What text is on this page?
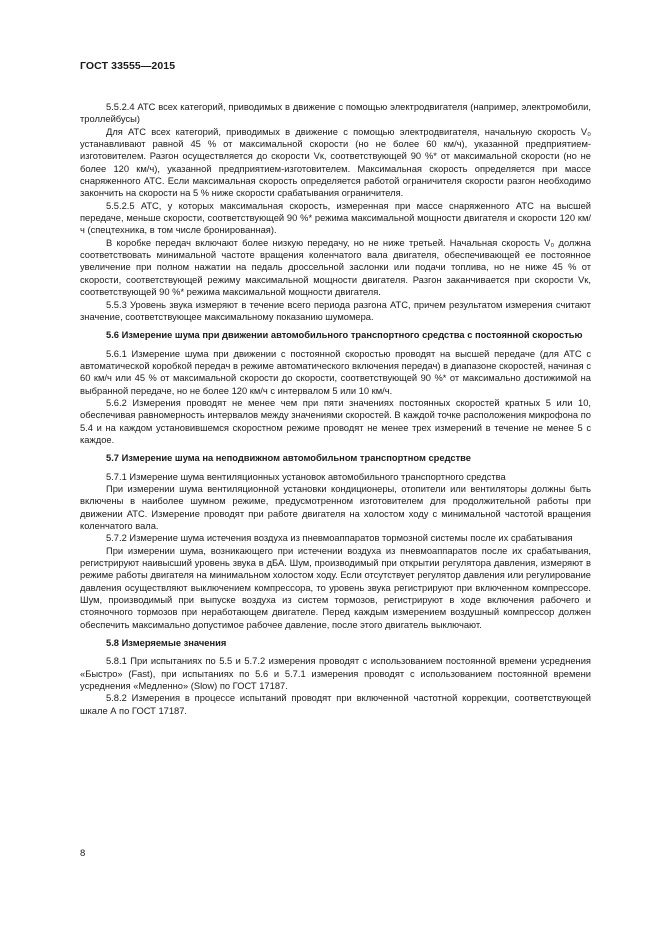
ГОСТ 33555—2015

5.5.2.4 АТС всех категорий, приводимых в движение с помощью электродвигателя (например, электромобили, троллейбусы)

Для АТС всех категорий, приводимых в движение с помощью электродвигателя, начальную скорость V₀ устанавливают равной 45 % от максимальной скорости (но не более 60 км/ч), указанной предприятием-изготовителем. Разгон осуществляется до скорости Vк, соответствующей 90 %* от максимальной скорости (но не более 120 км/ч), указанной предприятием-изготовителем. Максимальная скорость определяется при массе снаряженного АТС. Если максимальная скорость определяется работой ограничителя скорости разгон необходимо закончить на скорости на 5 % ниже скорости срабатывания ограничителя.

5.5.2.5 АТС, у которых максимальная скорость, измеренная при массе снаряженного АТС на высшей передаче, меньше скорости, соответствующей 90 %* режима максимальной мощности двигателя и скорости 120 км/ч (спецтехника, в том числе бронированная).

В коробке передач включают более низкую передачу, но не ниже третьей. Начальная скорость V₀ должна соответствовать минимальной частоте вращения коленчатого вала двигателя, обеспечивающей ее постоянное увеличение при полном нажатии на педаль дроссельной заслонки или подачи топлива, но не ниже 45 % от скорости, соответствующей режиму максимальной мощности двигателя. Разгон заканчивается при скорости Vк, соответствующей 90 %* режима максимальной мощности двигателя.

5.5.3 Уровень звука измеряют в течение всего периода разгона АТС, причем результатом измерения считают значение, соответствующее максимальному показанию шумомера.

5.6 Измерение шума при движении автомобильного транспортного средства с постоянной скоростью

5.6.1 Измерение шума при движении с постоянной скоростью проводят на высшей передаче (для АТС с автоматической коробкой передач в режиме автоматического включения передач) в диапазоне скоростей, начиная с 60 км/ч или 45 % от максимальной скорости до скорости, соответствующей 90 %* от максимально достижимой на выбранной передаче, но не более 120 км/ч с интервалом 5 или 10 км/ч.

5.6.2 Измерения проводят не менее чем при пяти значениях постоянных скоростей кратных 5 или 10, обеспечивая равномерность интервалов между значениями скоростей. В каждой точке расположения микрофона по 5.4 и на каждом установившемся скоростном режиме проводят не менее трех измерений в течение не менее 5 с каждое.

5.7 Измерение шума на неподвижном автомобильном транспортном средстве

5.7.1 Измерение шума вентиляционных установок автомобильного транспортного средства

При измерении шума вентиляционной установки кондиционеры, отопители или вентиляторы должны быть включены в наиболее шумном режиме, предусмотренном изготовителем для продолжительной работы при движении АТС. Измерение проводят при работе двигателя на холостом ходу с минимальной частотой вращения коленчатого вала.

5.7.2 Измерение шума истечения воздуха из пневмоаппаратов тормозной системы после их срабатывания

При измерении шума, возникающего при истечении воздуха из пневмоаппаратов после их срабатывания, регистрируют наивысший уровень звука в дБА. Шум, производимый при открытии регулятора давления, измеряют в режиме работы двигателя на минимальном холостом ходу. Если отсутствует регулятор давления или регулирование давления осуществляют выключением компрессора, то уровень звука регистрируют при включенном компрессоре. Шум, производимый при выпуске воздуха из систем тормозов, регистрируют в ходе включения рабочего и стояночного тормозов при неработающем двигателе. Перед каждым измерением воздушный компрессор должен обеспечить максимально допустимое рабочее давление, после этого двигатель выключают.

5.8 Измеряемые значения

5.8.1 При испытаниях по 5.5 и 5.7.2 измерения проводят с использованием постоянной времени усреднения «Быстро» (Fast), при испытаниях по 5.6 и 5.7.1 измерения проводят с использованием постоянной времени усреднения «Медленно» (Slow) по ГОСТ 17187.

5.8.2 Измерения в процессе испытаний проводят при включенной частотной коррекции, соответствующей шкале А по ГОСТ 17187.

8
